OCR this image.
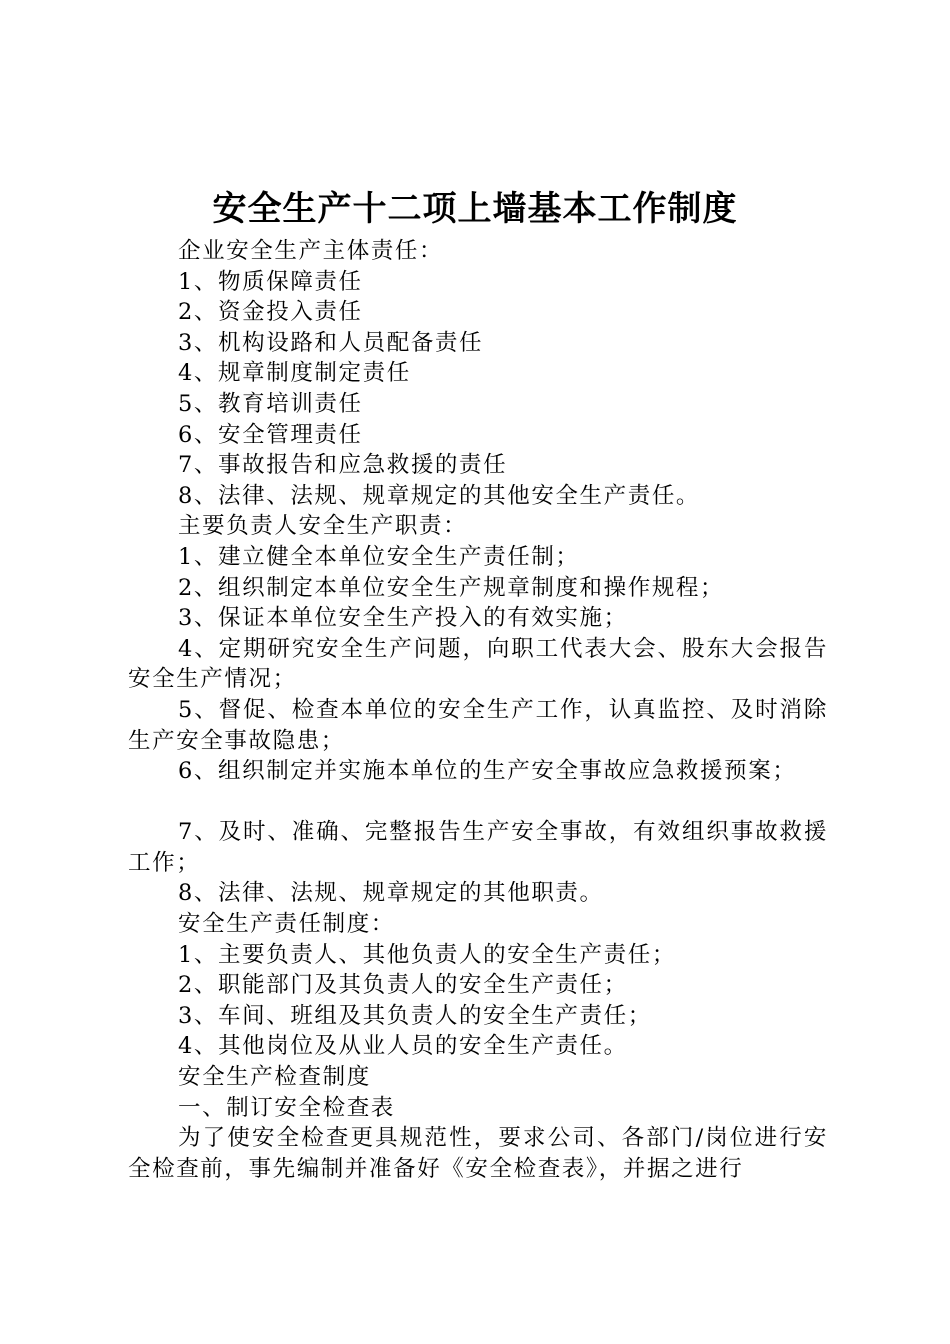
安全生产十二项上墙基本工作制度

企业安全生产主体责任：

1、物质保障责任

2、资金投入责任

3、机构设路和人员配备责任

4、规章制度制定责任

5、教育培训责任

6、安全管理责任

7、事故报告和应急救援的责任

8、法律、法规、规章规定的其他安全生产责任。

主要负责人安全生产职责：

1、建立健全本单位安全生产责任制；

2、组织制定本单位安全生产规章制度和操作规程；

3、保证本单位安全生产投入的有效实施；

4、定期研究安全生产问题，向职工代表大会、股东大会报告安全生产情况；

5、督促、检查本单位的安全生产工作，认真监控、及时消除生产安全事故隐患；

6、组织制定并实施本单位的生产安全事故应急救援预案；

7、及时、准确、完整报告生产安全事故，有效组织事故救援工作；

8、法律、法规、规章规定的其他职责。

安全生产责任制度：

1、主要负责人、其他负责人的安全生产责任；

2、职能部门及其负责人的安全生产责任；

3、车间、班组及其负责人的安全生产责任；

4、其他岗位及从业人员的安全生产责任。

安全生产检查制度

一、制订安全检查表

为了使安全检查更具规范性，要求公司、各部门/岗位进行安全检查前，事先编制并准备好《安全检查表》，并据之进行
